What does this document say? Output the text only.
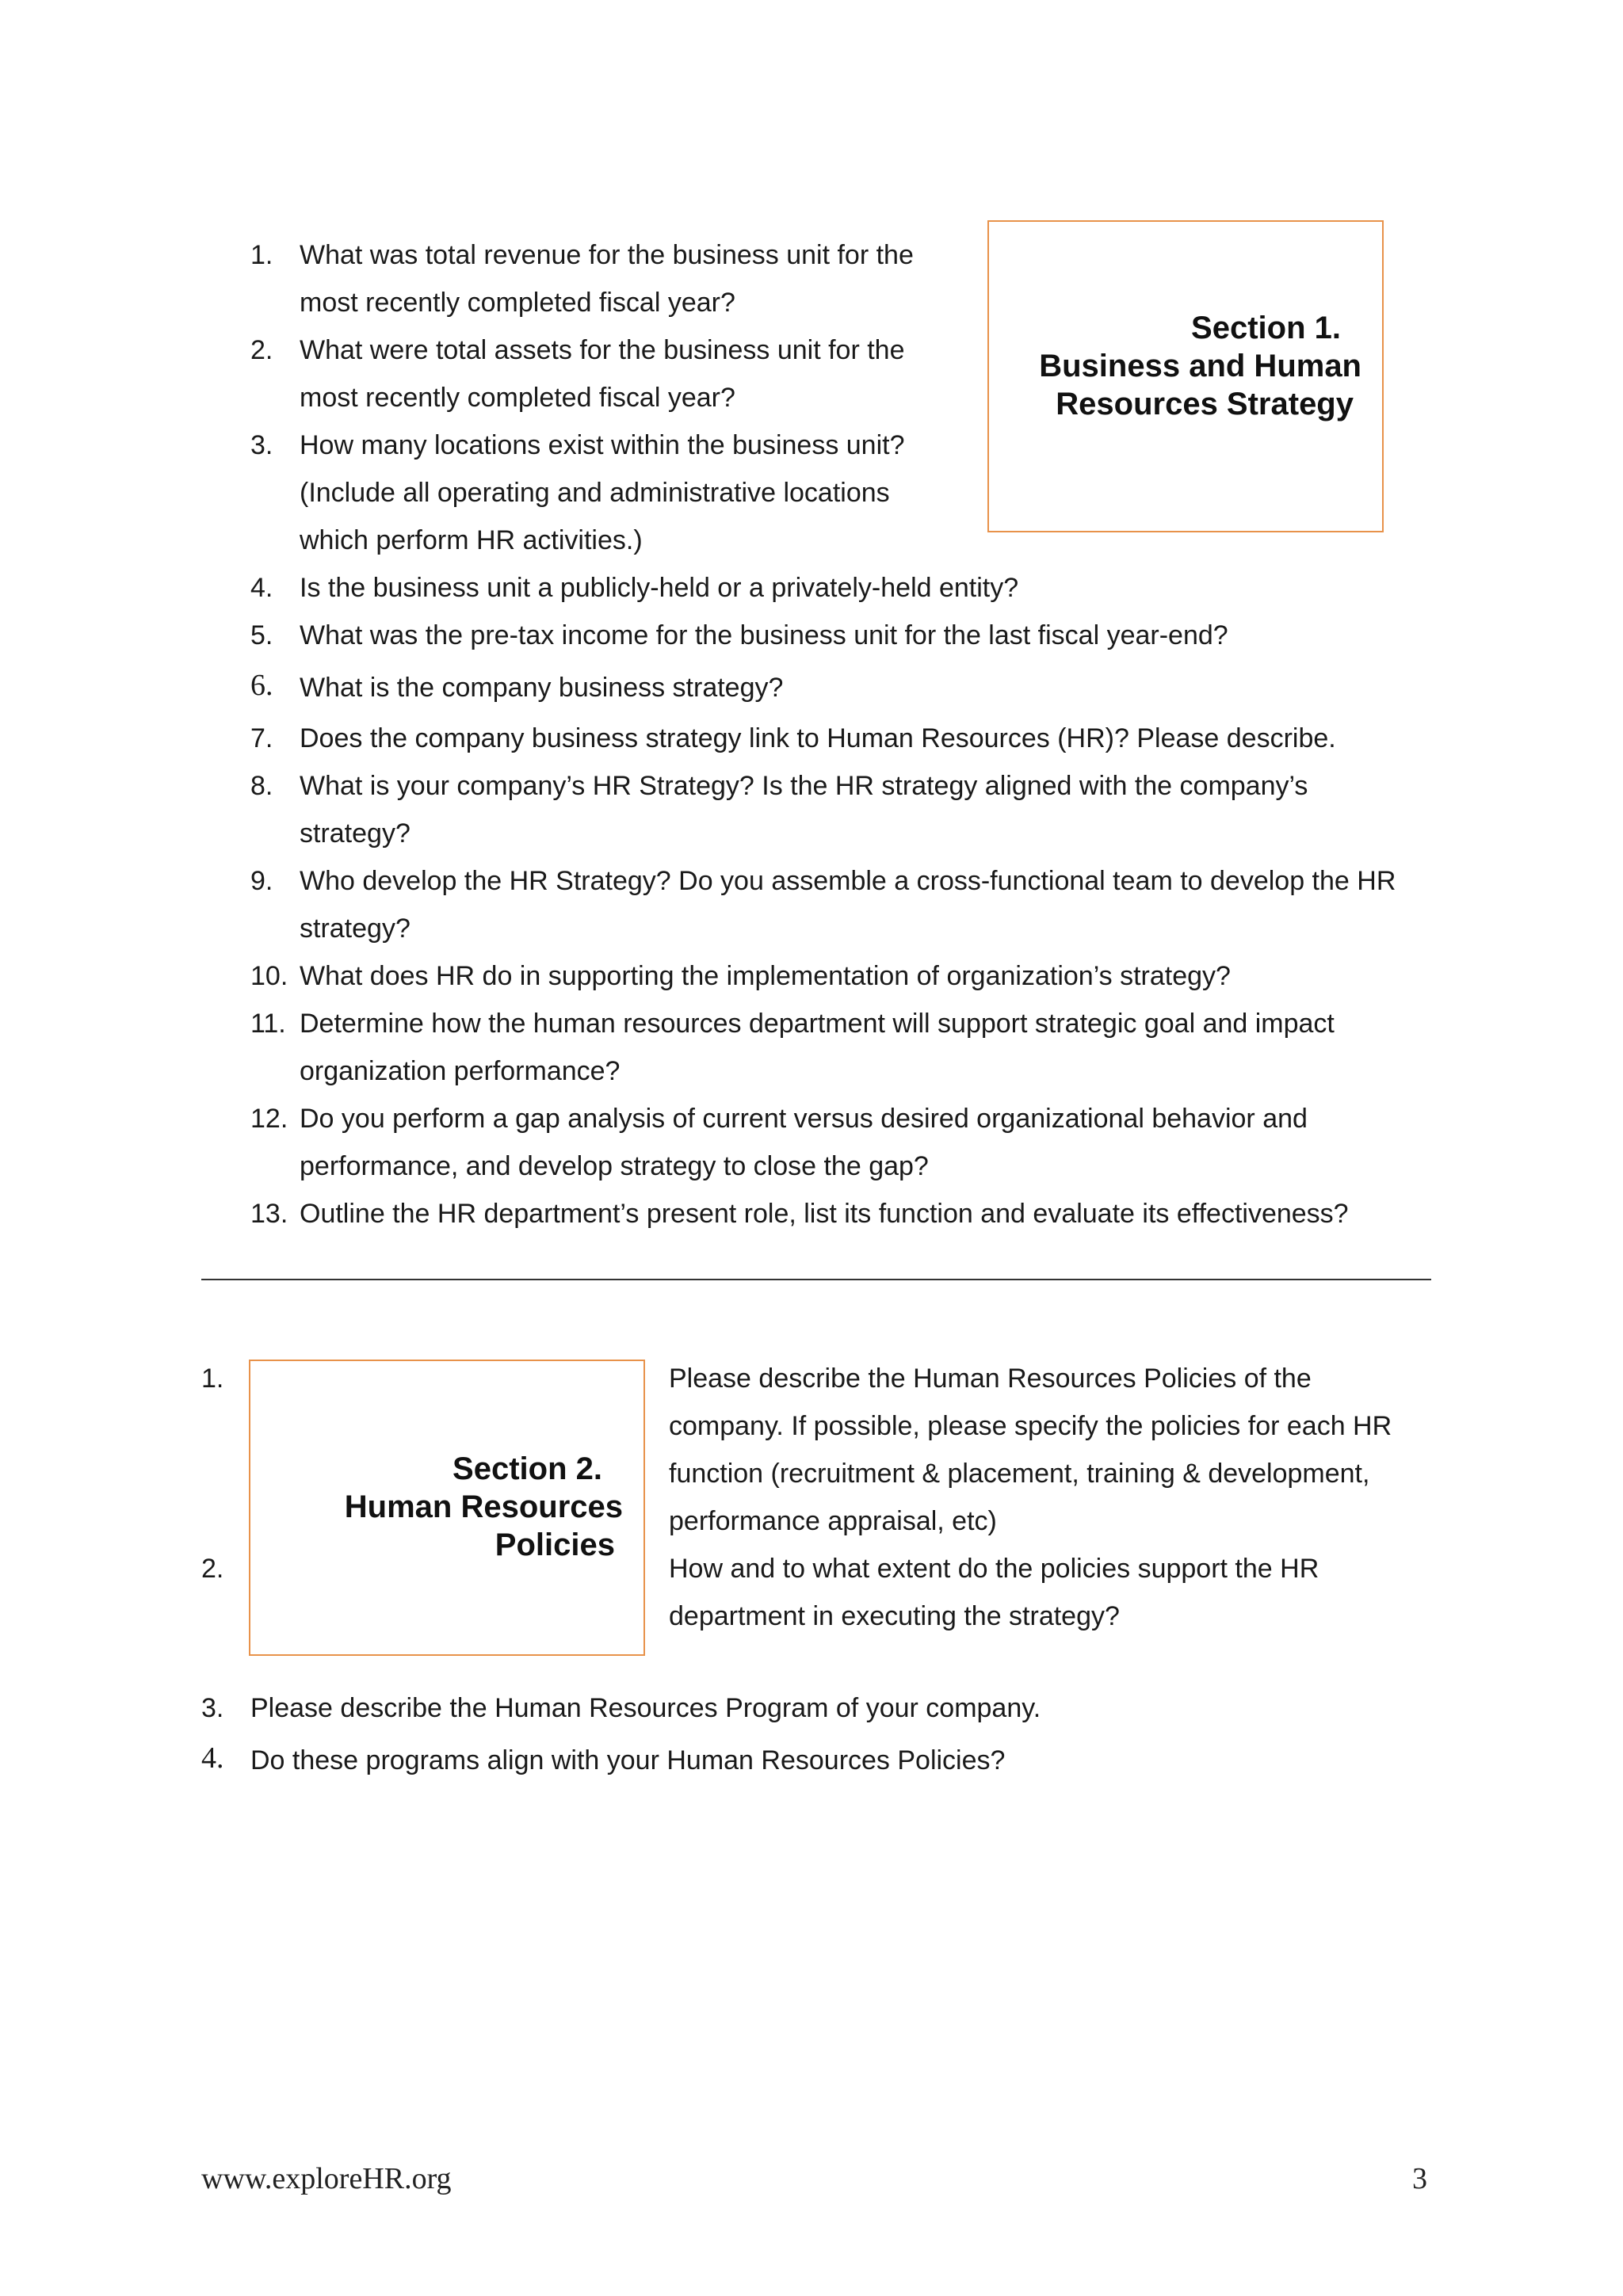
Section 1.
Business and Human
Resources Strategy
1. What was total revenue for the business unit for the
most recently completed fiscal year?
2. What were total assets for the business unit for the
most recently completed fiscal year?
3. How many locations exist within the business unit?
(Include all operating and administrative locations
which perform HR activities.)
4. Is the business unit a publicly-held or a privately-held entity?
5. What was the pre-tax income for the business unit for the last fiscal year-end?
6. What is the company business strategy?
7. Does the company business strategy link to Human Resources (HR)? Please describe.
8. What is your company’s HR Strategy? Is the HR strategy aligned with the company’s
strategy?
9. Who develop the HR Strategy? Do you assemble a cross-functional team to develop the HR
strategy?
10. What does HR do in supporting the implementation of organization’s strategy?
11. Determine how the human resources department will support strategic goal and impact
organization performance?
12. Do you perform a gap analysis of current versus desired organizational behavior and
performance, and develop strategy to close the gap?
13. Outline the HR department’s present role, list its function and evaluate its effectiveness?
Section 2.
Human Resources
Policies
1.	Please describe the Human Resources Policies of the
company. If possible, please specify the policies for each HR
function (recruitment & placement, training & development,
performance appraisal, etc)
2.	How and to what extent do the policies support the HR
department in executing the strategy?
3. Please describe the Human Resources Program of your company.
4. Do these programs align with your Human Resources Policies?
www.exploreHR.org	3
